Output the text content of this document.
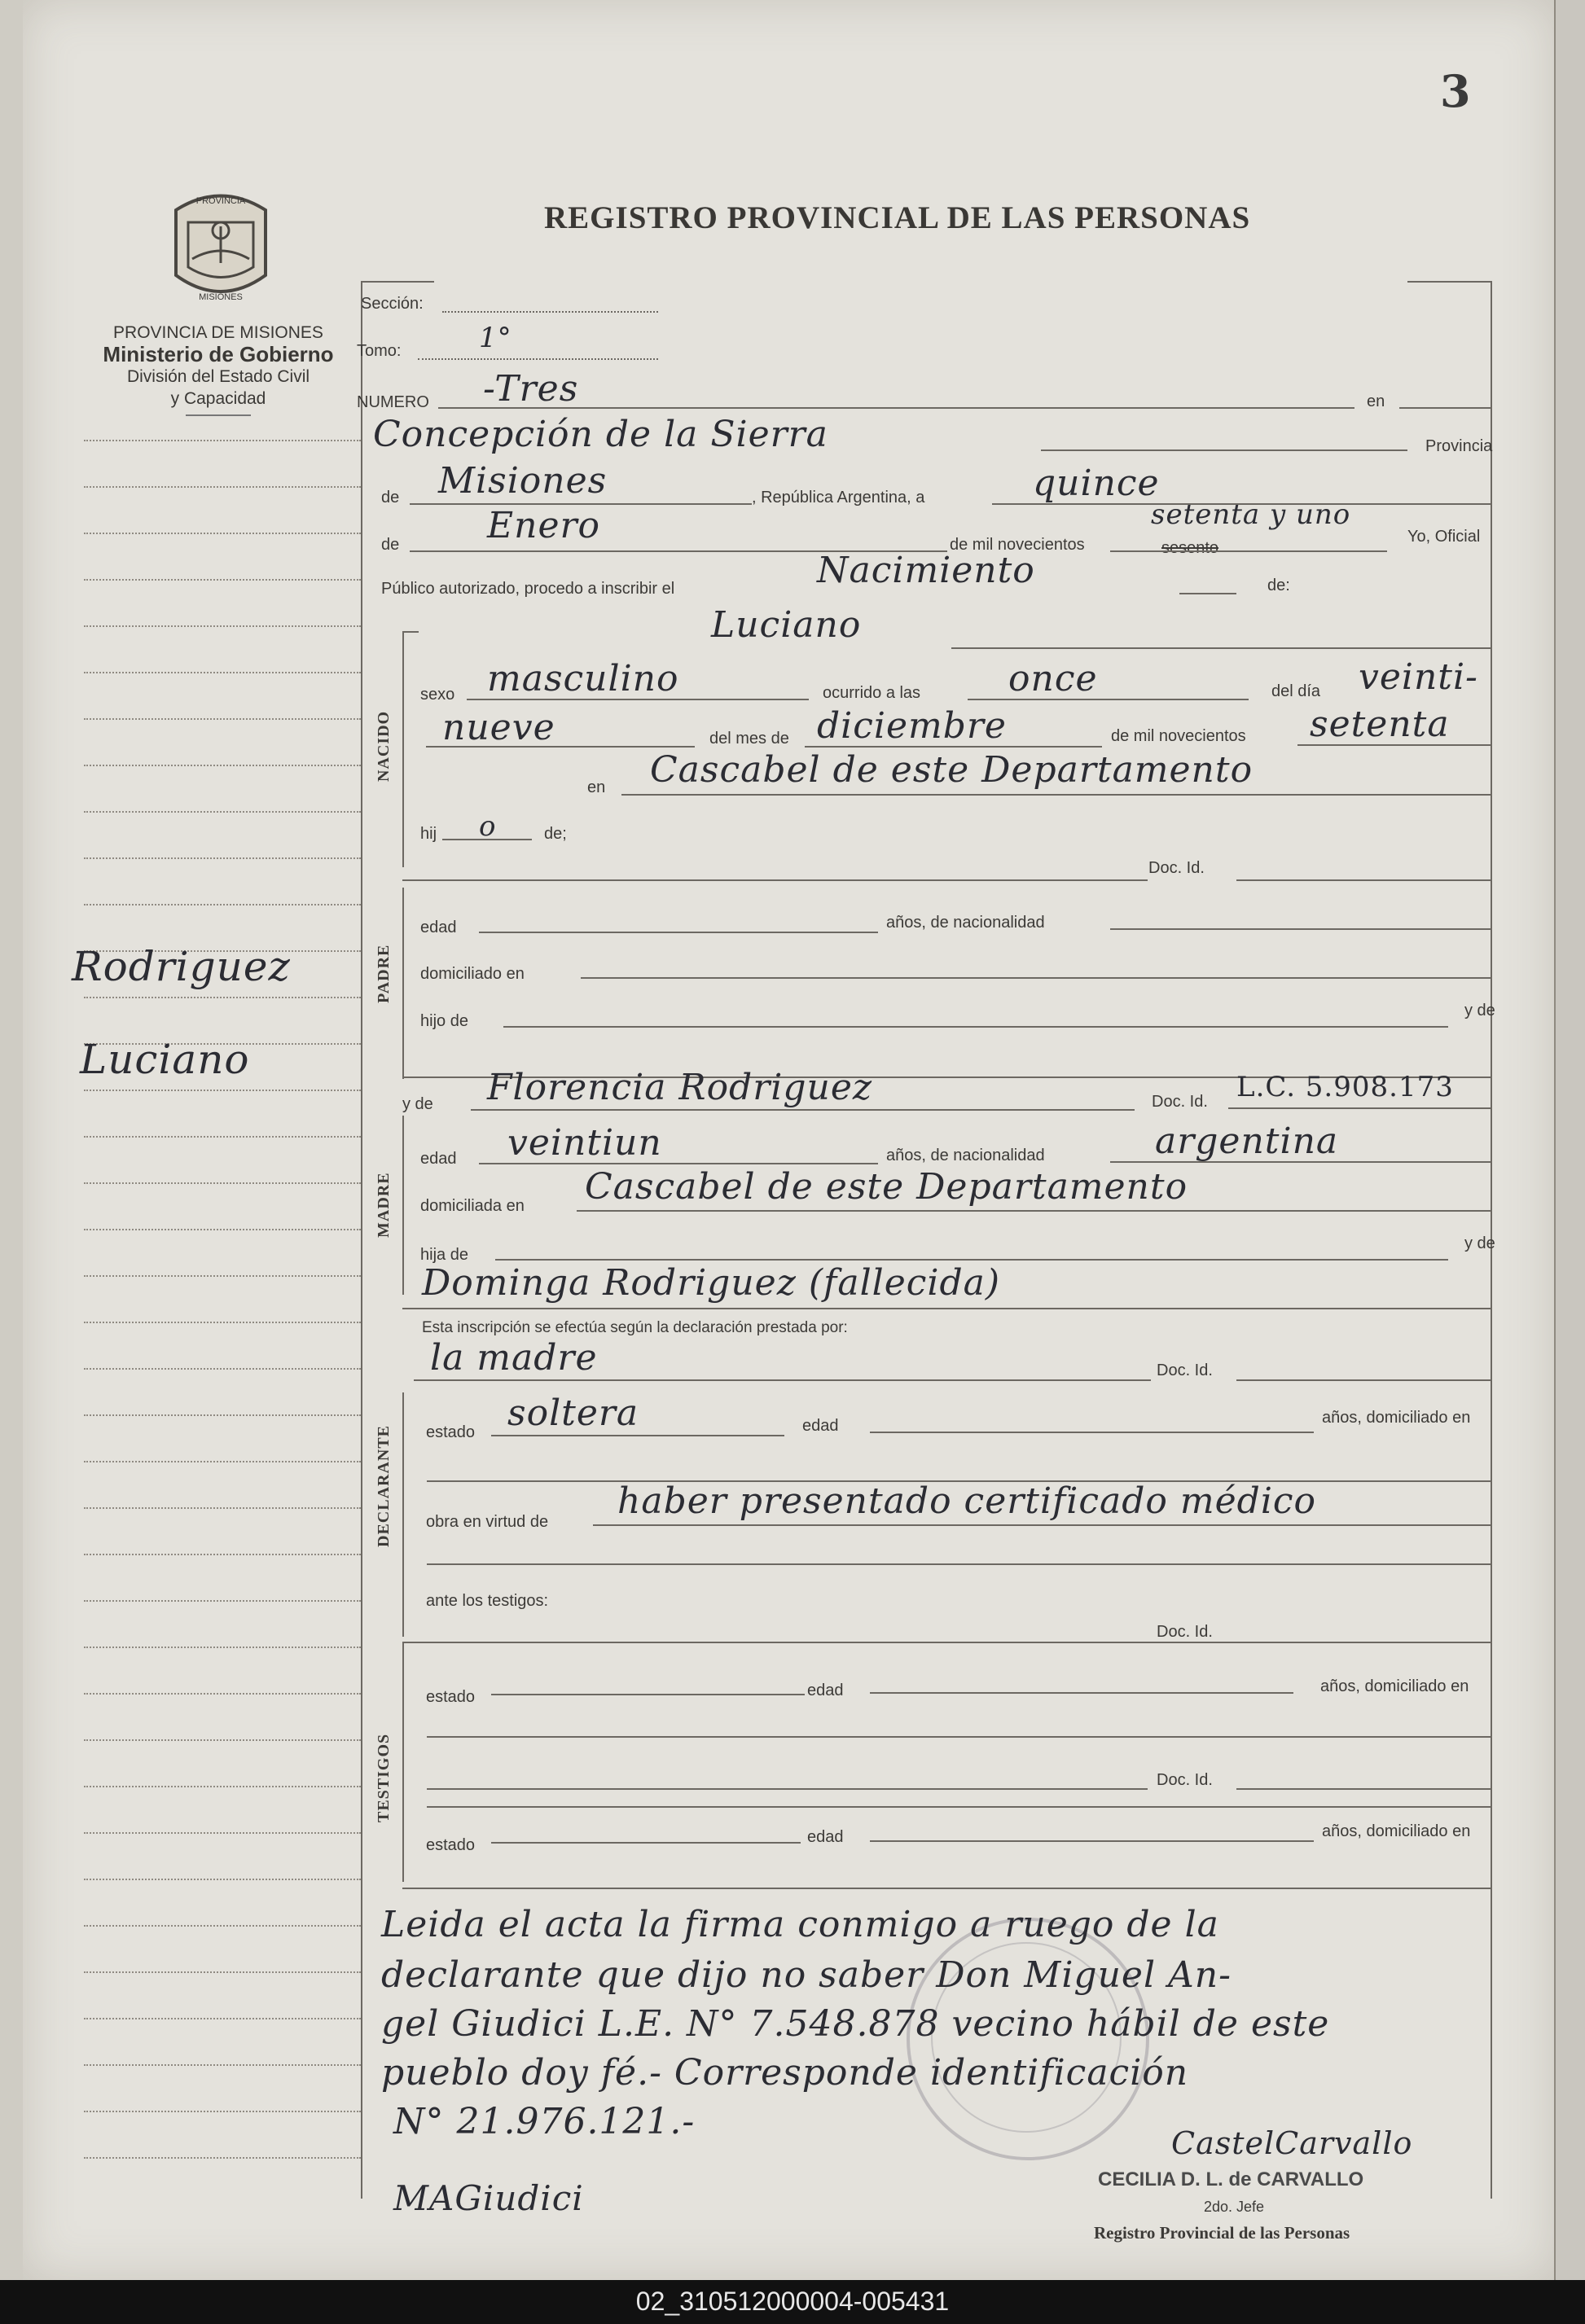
3
REGISTRO PROVINCIAL DE LAS PERSONAS
PROVINCIA
MISIONES
PROVINCIA DE MISIONES
Ministerio de Gobierno
División del Estado Civil
y Capacidad
Rodriguez
Luciano
Sección:
Tomo:	1°
NUMERO -Tres	en
Concepción de la Sierra	Provincia
de Misiones	, República Argentina, a	quince
de Enero	de mil novecientos	sesento
setenta y uno
Yo, Oficial
Público autorizado, procedo a inscribir el	Nacimiento	de:
NACIDO
Luciano
sexo masculino	ocurrido a las once	del día veinti-
nueve	del mes de diciembre	de mil novecientos setenta
en Cascabel de este Departamento
hij o	de;
Doc. Id.
PADRE
edad	años, de nacionalidad
domiciliado en
hijo de
y de
y de Florencia Rodriguez	Doc. Id. L.C. 5.908.173
MADRE
edad veintiun	años, de nacionalidad	argentina
domiciliada en Cascabel de este Departamento
hija de
y de
Dominga Rodriguez (fallecida)
Esta inscripción se efectúa según la declaración prestada por:
la madre	Doc. Id.
DECLARANTE estado soltera	edad	años, domiciliado en
obra en virtud de haber presentado certificado médico
ante los testigos:
Doc. Id.
TESTIGOS
estado	edad	años, domiciliado en
Doc. Id.
estado	edad	años, domiciliado en
Leida el acta la firma conmigo a ruego de la
declarante que dijo no saber Don Miguel An-
gel Giudici L.E. N° 7.548.878 vecino hábil de este
pueblo doy fé.- Corresponde identificación
N° 21.976.121.-
MAGiudici
CastelCarvallo
CECILIA D. L. de CARVALLO
2do. Jefe
Registro Provincial de las Personas
02_310512000004-005431
